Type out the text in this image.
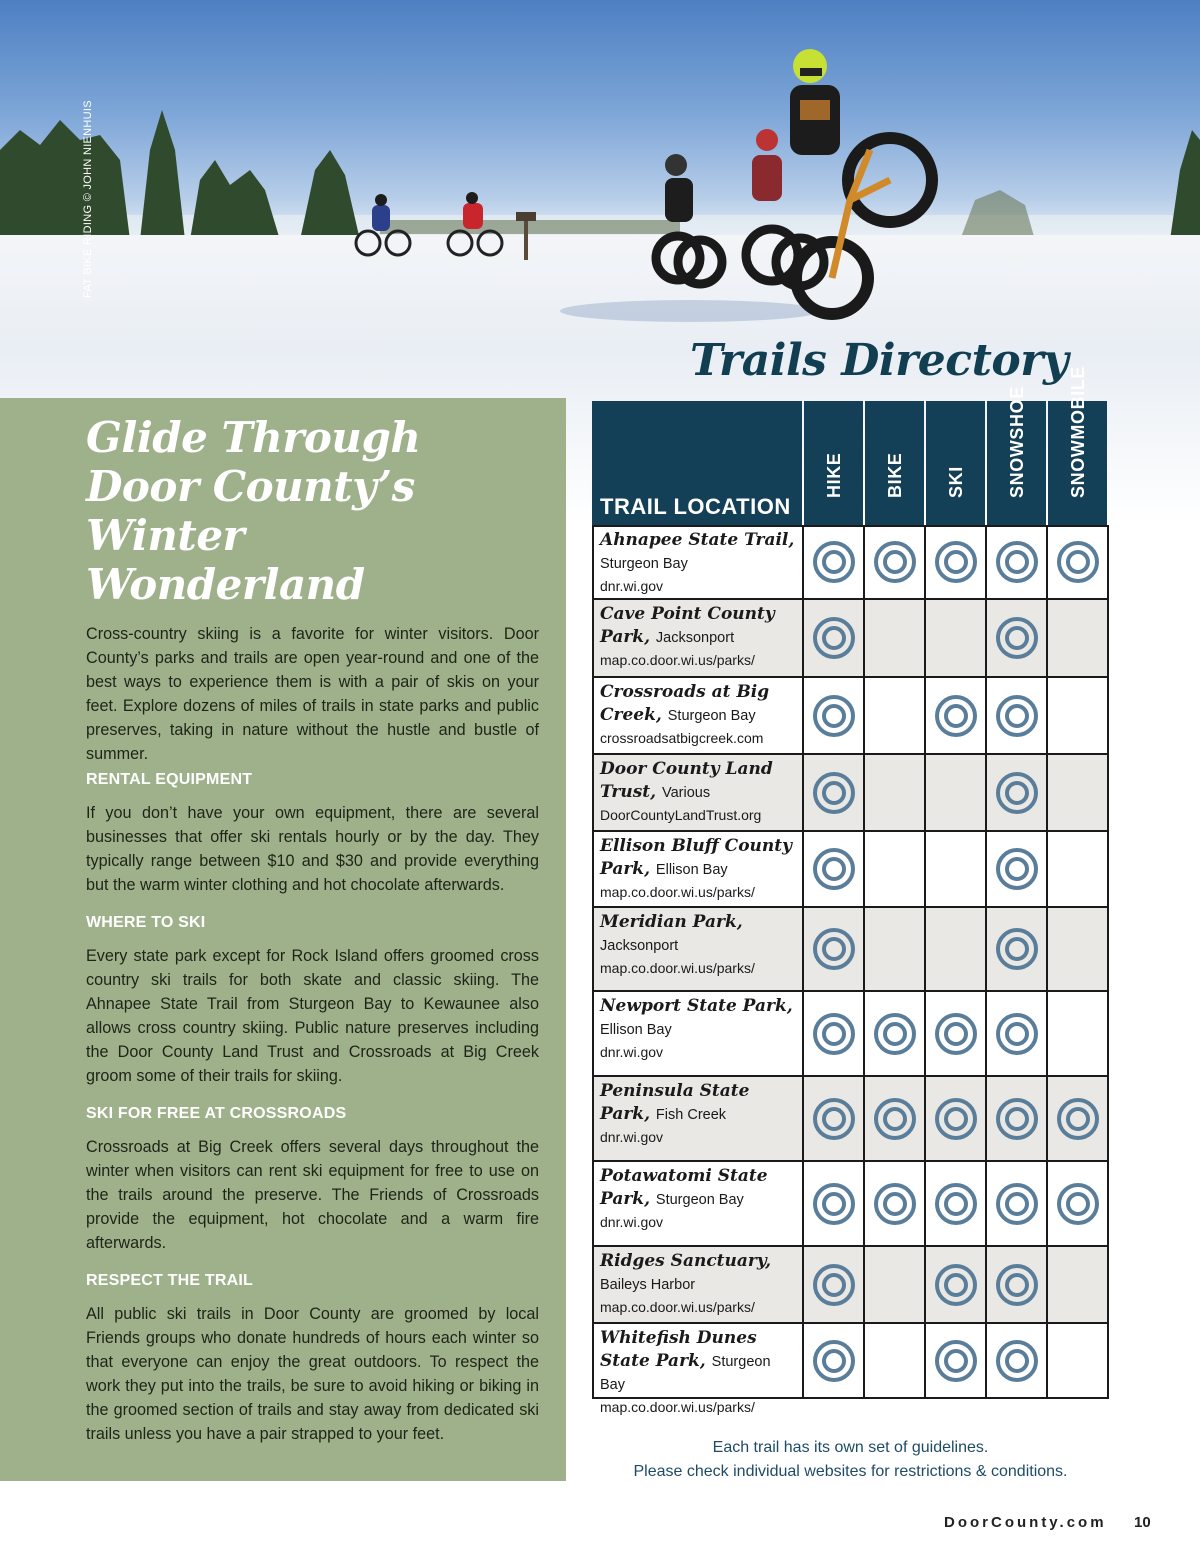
FAT BIKE RIDING © JOHN NIENHUIS
Trails Directory
Glide Through
Door County’s
Winter
Wonderland

Cross-country skiing is a favorite for winter visitors. Door County’s parks and trails are open year-round and one of the best ways to experience them is with a pair of skis on your feet. Explore dozens of miles of trails in state parks and public preserves, taking in nature without the hustle and bustle of summer.

RENTAL EQUIPMENT

If you don’t have your own equipment, there are several businesses that offer ski rentals hourly or by the day. They typically range between $10 and $30 and provide everything but the warm winter clothing and hot chocolate afterwards.

WHERE TO SKI

Every state park except for Rock Island offers groomed cross country ski trails for both skate and classic skiing. The Ahnapee State Trail from Sturgeon Bay to Kewaunee also allows cross country skiing. Public nature preserves including the Door County Land Trust and Crossroads at Big Creek groom some of their trails for skiing.

SKI FOR FREE AT CROSSROADS

Crossroads at Big Creek offers several days throughout the winter when visitors can rent ski equipment for free to use on the trails around the preserve. The Friends of Crossroads provide the equipment, hot chocolate and a warm fire afterwards.

RESPECT THE TRAIL

All public ski trails in Door County are groomed by local Friends groups who donate hundreds of hours each winter so that everyone can enjoy the great outdoors. To respect the work they put into the trails, be sure to avoid hiking or biking in the groomed section of trails and stay away from dedicated ski trails unless you have a pair strapped to your feet.

TRAIL LOCATION
HIKE BIKE SKI SNOWSHOE SNOWMOBILE
Ahnapee State Trail, Sturgeon Bay
dnr.wi.gov
Cave Point County Park, Jacksonport
map.co.door.wi.us/parks/
Crossroads at Big Creek, Sturgeon Bay
crossroadsatbigcreek.com
Door County Land Trust, Various
DoorCountyLandTrust.org
Ellison Bluff County Park, Ellison Bay
map.co.door.wi.us/parks/
Meridian Park, Jacksonport
map.co.door.wi.us/parks/
Newport State Park, Ellison Bay
dnr.wi.gov
Peninsula State Park, Fish Creek
dnr.wi.gov
Potawatomi State Park, Sturgeon Bay
dnr.wi.gov
Ridges Sanctuary, Baileys Harbor
map.co.door.wi.us/parks/
Whitefish Dunes State Park, Sturgeon Bay
map.co.door.wi.us/parks/
Each trail has its own set of guidelines.
Please check individual websites for restrictions & conditions.
DoorCounty.com 10
